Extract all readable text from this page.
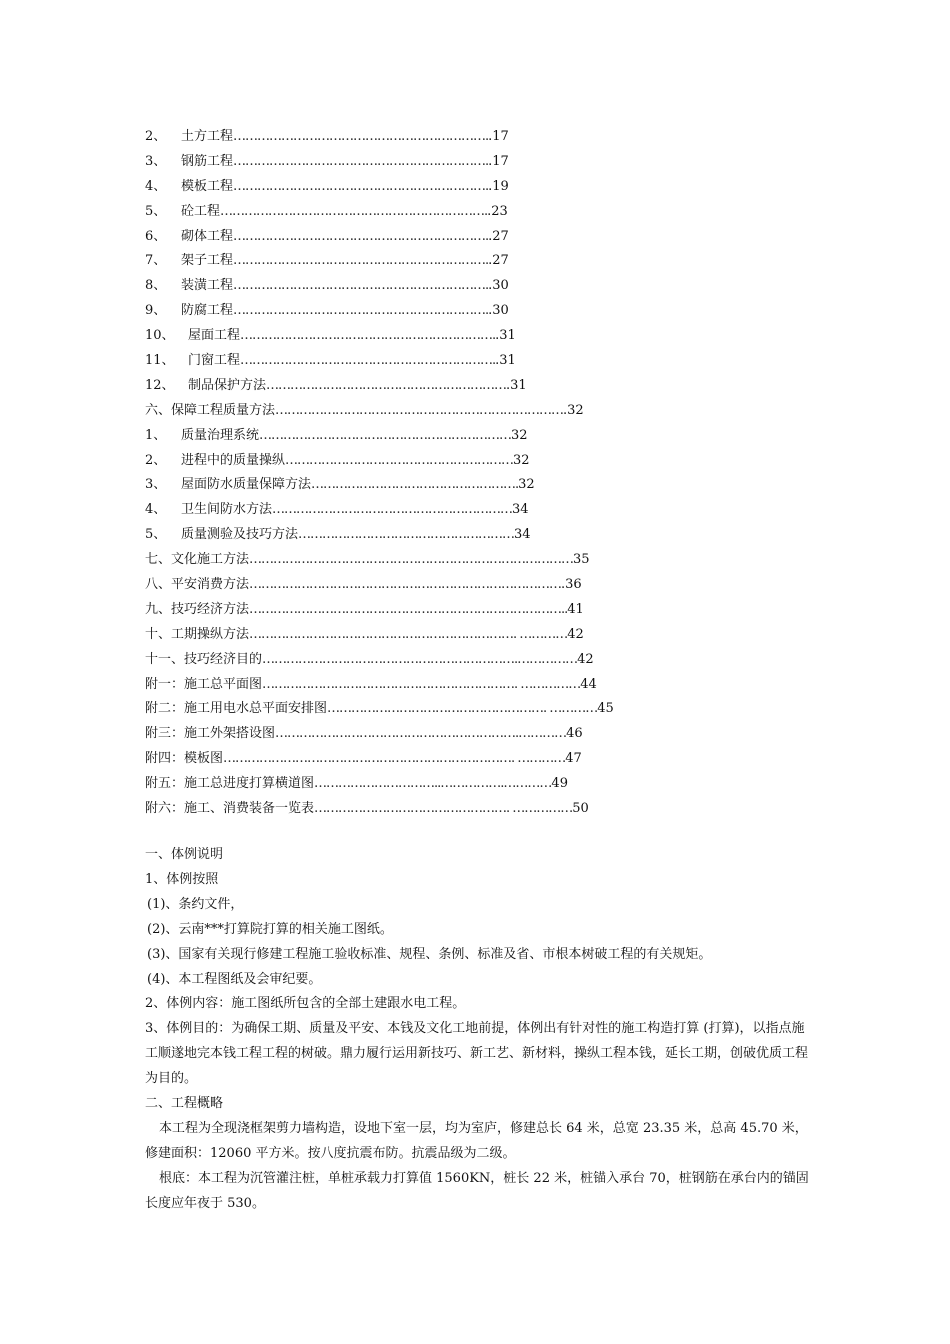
2、	土方工程 ………………………………………………………. .17
3、	钢筋工程 ………………………………………………………. .17
4、	模板工程 ………………………………………………………. .19
5、	砼工程 …………………………………………………………. .23
6、	砌体工程 ………………………………………………………. .27
7、	架子工程 ………………………………………………………. .27
8、	装潢工程 ………………………………………………………. .30
9、	防腐工程 ………………………………………………………. .30
10、	屋面工程 ………………………………………………………. .31
11、	门窗工程 ………………………………………………………. .31
12、	制品保护方法 …………………………………………………… .31
六、保障工程质量方法 ……………………………………………………………… .32
1、	质量治理系统 ……………………………………………………… 32
2、	进程中的质量操纵 ………………………………………………… 32
3、	屋面防水质量保障方法 ……………………………………………. 32
4、	卫生间防水方法 …………………………………………………… 34
5、	质量测验及技巧方法 ……………………………………………… 34
七、文化施工方法 ……………………………………………………………………… 35
八、平安消费方法 …………………………………………………………………… .36
九、技巧经济方法 …………………………………………………………………….. 41
十、工期操纵方法 …………………………………………………………. ………… 42
十一、技巧经济目的 ……………………………………………………….…………… 42
附一：施工总平面图 ………………………………………………………. …………… 44
附二：施工用电水总平面安排图 ………………………………………………. ………… 45
附三：施工外架搭设图 …………………………………………………….………… 46
附四：模板图 ………………………………………………………………. ………… 47
附五：施工总进度打算横道图 …………………………..…………….………… 49
附六：施工、消费装备一览表 …………………………………………. …………… 50

一、体例说明

1、体例按照

(1)、条约文件，

(2)、云南***打算院打算的相关施工图纸。

(3)、国家有关现行修建工程施工验收标准、规程、条例、标准及省、市根本树破工程的有关规矩。

(4)、本工程图纸及会审纪要。

2、体例内容：施工图纸所包含的全部土建跟水电工程。

3、体例目的：为确保工期、质量及平安、本钱及文化工地前提，体例出有针对性的施工构造打算 (打算)，以指点施工顺遂地完本钱工程工程的树破。鼎力履行运用新技巧、新工艺、新材料，操纵工程本钱，延长工期，创破优质工程为目的。

二、工程概略

本工程为全现浇框架剪力墙构造，设地下室一层，均为室庐，修建总长 64 米，总宽 23.35 米，总高 45.70 米，修建面积：12060 平方米。按八度抗震布防。抗震品级为二级。

根底：本工程为沉管灌注桩，单桩承载力打算值 1560KN，桩长 22 米，桩锚入承台 70，桩钢筋在承台内的锚固长度应年夜于 530。
